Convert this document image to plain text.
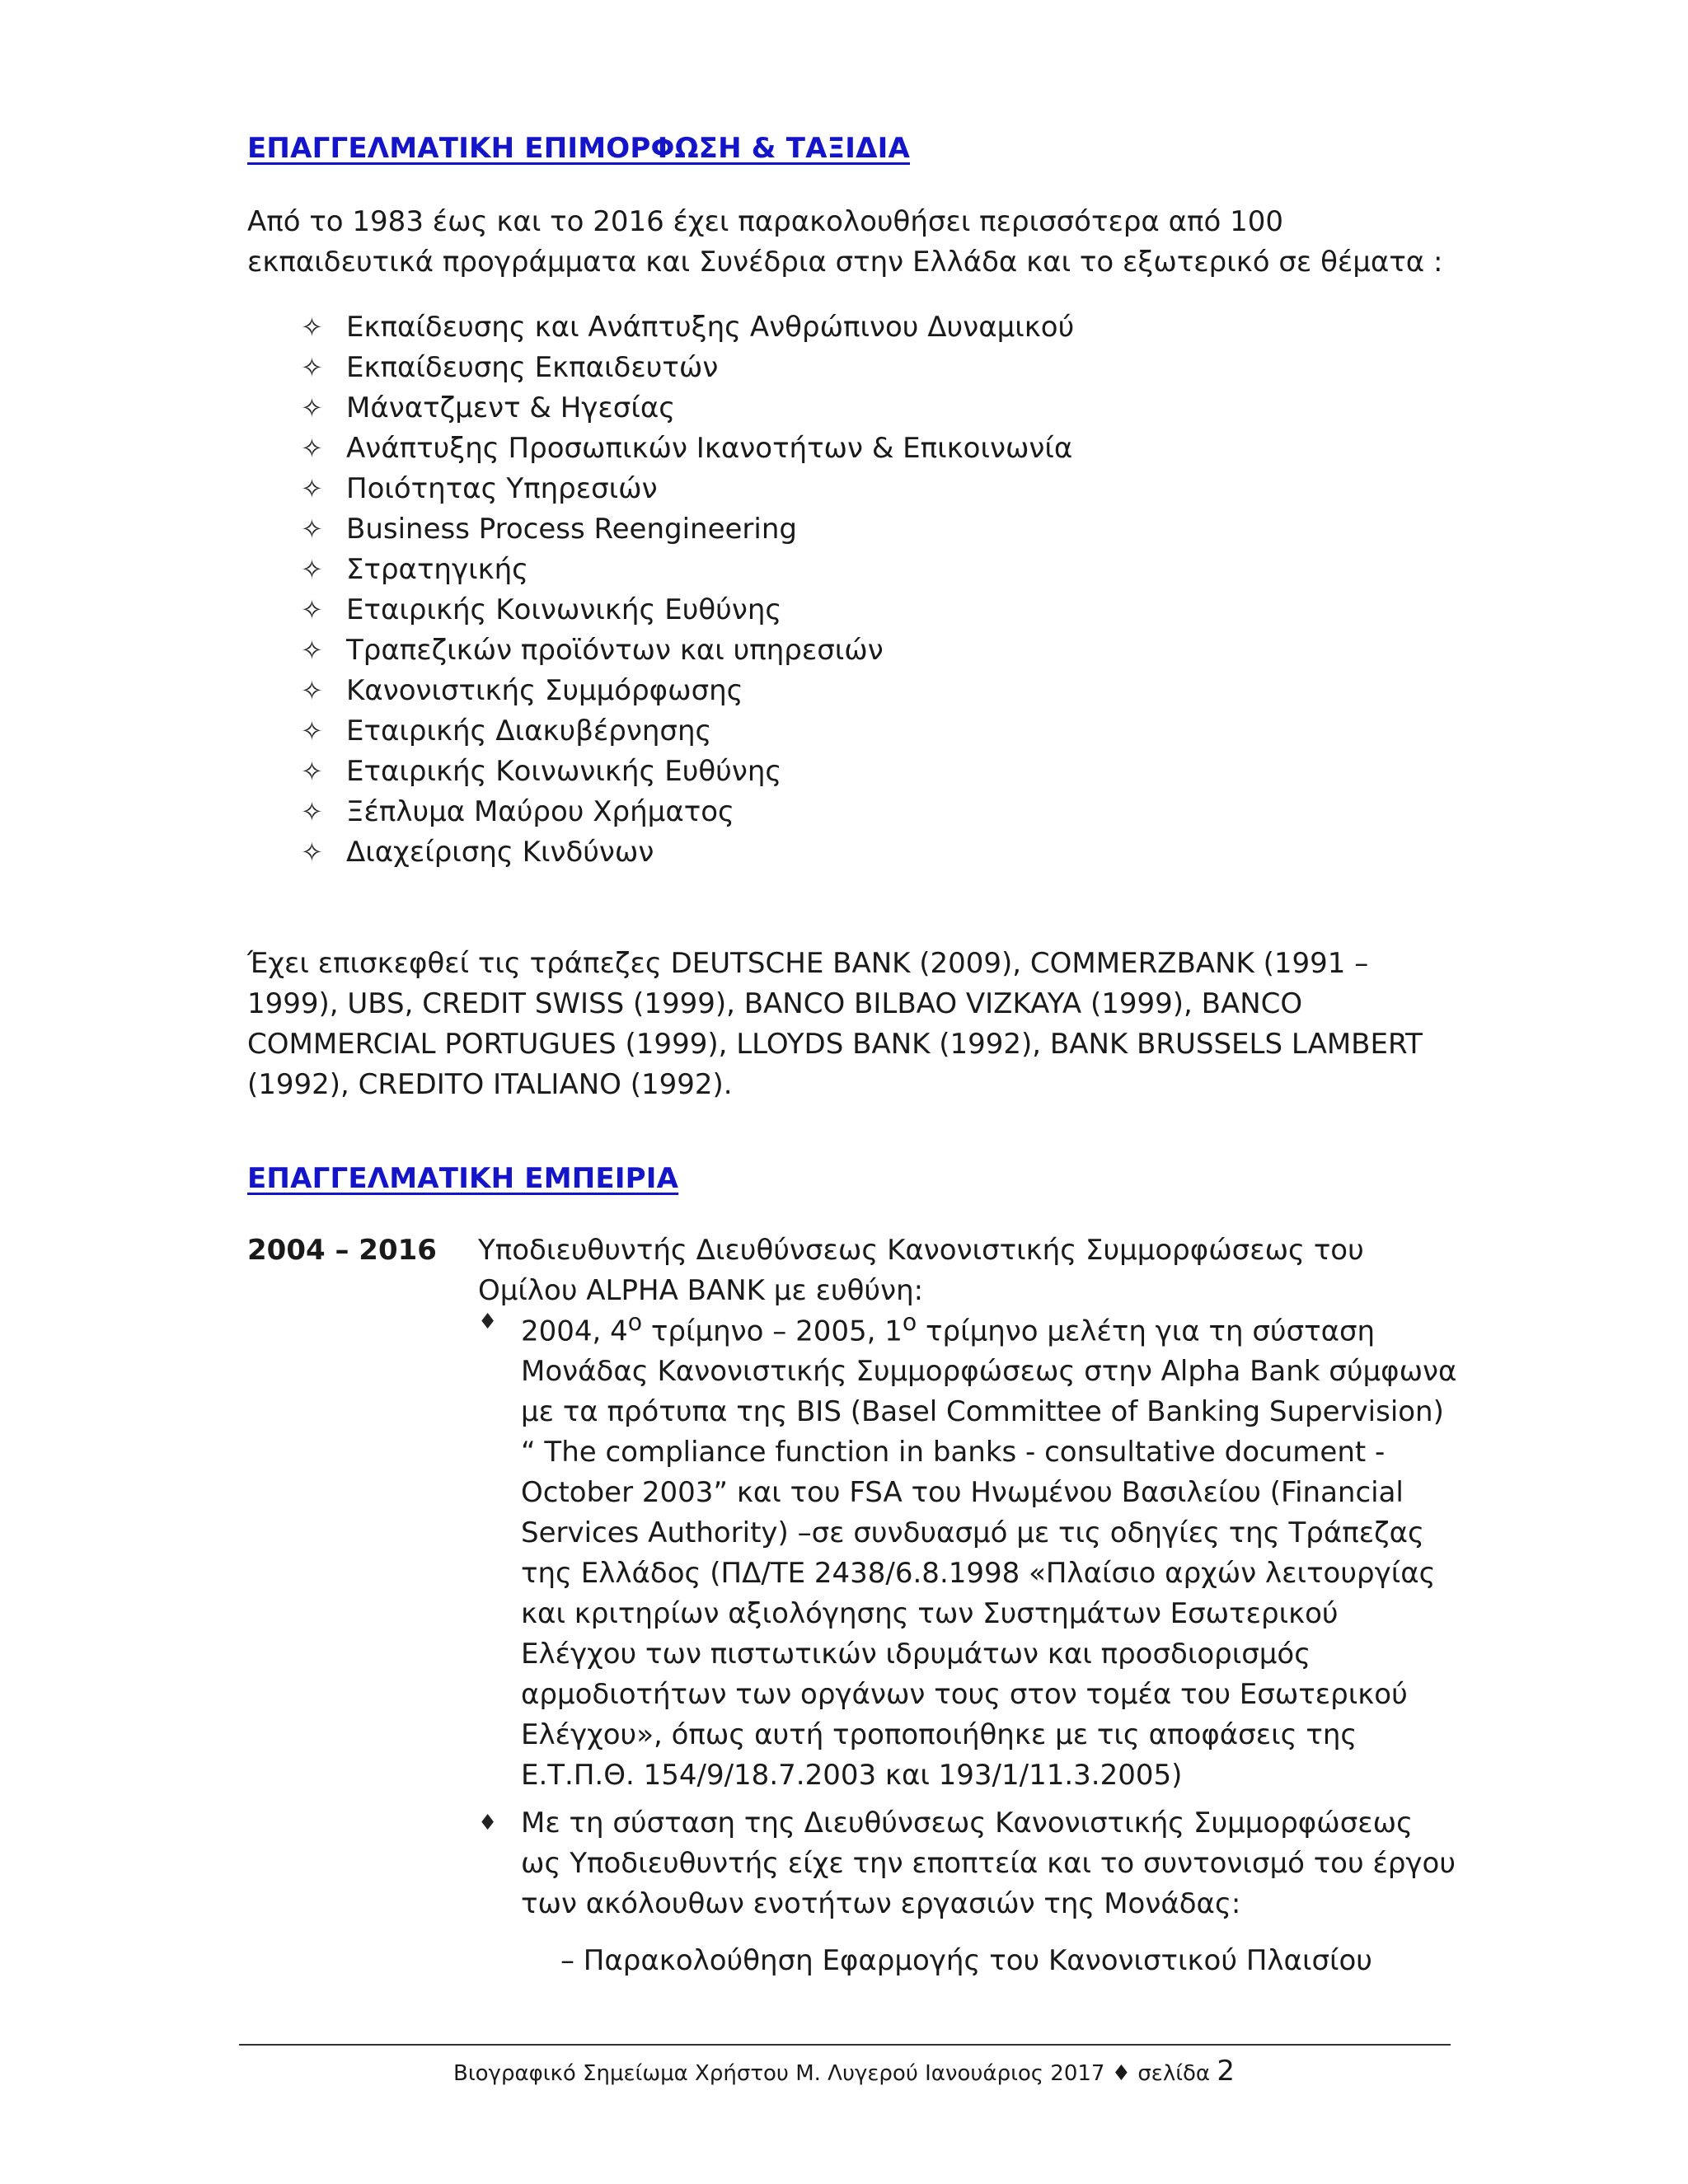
ΕΠΑΓΓΕΛΜΑΤΙΚΗ ΕΠΙΜΟΡΦΩΣΗ & ΤΑΞΙΔΙΑ

Από το 1983 έως και το 2016 έχει παρακολουθήσει περισσότερα από 100 εκπαιδευτικά προγράμματα και Συνέδρια στην Ελλάδα και το εξωτερικό σε θέματα :

✧ Εκπαίδευσης και Ανάπτυξης Ανθρώπινου Δυναμικού
✧ Εκπαίδευσης Εκπαιδευτών
✧ Μάνατζμεντ & Ηγεσίας
✧ Ανάπτυξης Προσωπικών Ικανοτήτων & Επικοινωνία
✧ Ποιότητας Υπηρεσιών
✧ Business Process Reengineering
✧ Στρατηγικής
✧ Εταιρικής Κοινωνικής Ευθύνης
✧ Τραπεζικών προϊόντων και υπηρεσιών
✧ Κανονιστικής Συμμόρφωσης
✧ Εταιρικής Διακυβέρνησης
✧ Εταιρικής Κοινωνικής Ευθύνης
✧ Ξέπλυμα Μαύρου Χρήματος
✧ Διαχείρισης Κινδύνων

Έχει επισκεφθεί τις τράπεζες DEUTSCHE BANK (2009), COMMERZBANK (1991 – 1999), UBS, CREDIT SWISS (1999), BANCO BILBAO VIZKAYA (1999), BANCO COMMERCIAL PORTUGUES (1999), LLOYDS BANK (1992), BANK BRUSSELS LAMBERT (1992), CREDITO ITALIANO (1992).

ΕΠΑΓΓΕΛΜΑΤΙΚΗ ΕΜΠΕΙΡΙΑ
2004 – 2016 Υποδιευθυντής Διευθύνσεως Κανονιστικής Συμμορφώσεως του Ομίλου ALPHA BANK με ευθύνη:

♦ 2004, $4^o$ τρίμηνο – 2005, $1^o$ τρίμηνο μελέτη για τη σύσταση Μονάδας Κανονιστικής Συμμορφώσεως στην Alpha Bank σύμφωνα με τα πρότυπα της BIS (Basel Committee of Banking Supervision) “ The compliance function in banks - consultative document - October 2003” και του FSA του Ηνωμένου Βασιλείου (Financial Services Authority) –σε συνδυασμό με τις οδηγίες της Τράπεζας της Ελλάδος (ΠΔ/ΤΕ 2438/6.8.1998 «Πλαίσιο αρχών λειτουργίας και κριτηρίων αξιολόγησης των Συστημάτων Εσωτερικού Ελέγχου των πιστωτικών ιδρυμάτων και προσδιορισμός αρμοδιοτήτων των οργάνων τους στον τομέα του Εσωτερικού Ελέγχου», όπως αυτή τροποποιήθηκε με τις αποφάσεις της Ε.Τ.Π.Θ. 154/9/18.7.2003 και 193/1/11.3.2005)
♦ Με τη σύσταση της Διευθύνσεως Κανονιστικής Συμμορφώσεως ως Υποδιευθυντής είχε την εποπτεία και το συντονισμό του έργου των ακόλουθων ενοτήτων εργασιών της Μονάδας:
– Παρακολούθηση Εφαρμογής του Κανονιστικού Πλαισίου
Βιογραφικό Σημείωμα Χρήστου Μ. Λυγερού Ιανουάριος 2017 ♦ σελίδα 2
